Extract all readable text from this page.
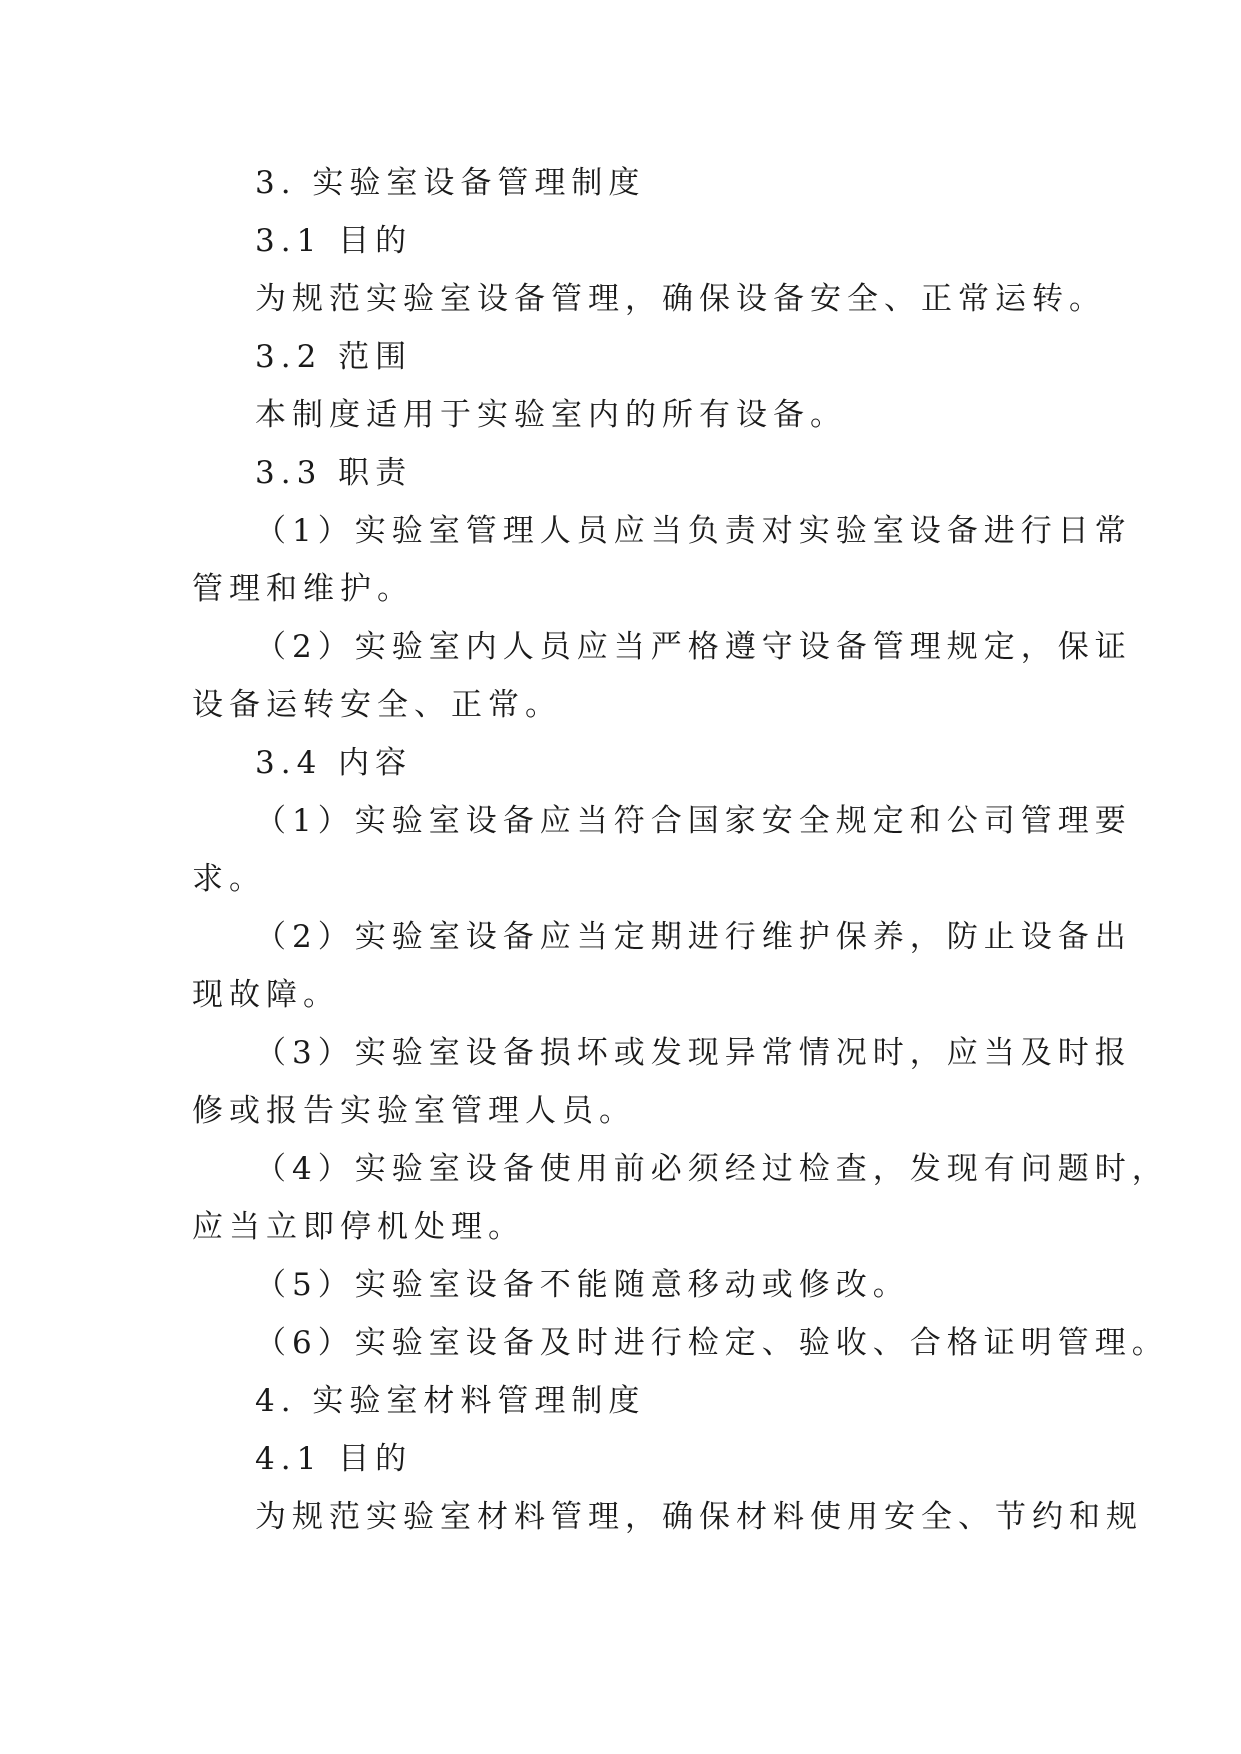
3. 实验室设备管理制度
3.1 目的
为规范实验室设备管理，确保设备安全、正常运转。
3.2 范围
本制度适用于实验室内的所有设备。
3.3 职责
（1）实验室管理人员应当负责对实验室设备进行日常
管理和维护。
（2）实验室内人员应当严格遵守设备管理规定，保证
设备运转安全、正常。
3.4 内容
（1）实验室设备应当符合国家安全规定和公司管理要
求。
（2）实验室设备应当定期进行维护保养，防止设备出
现故障。
（3）实验室设备损坏或发现异常情况时，应当及时报
修或报告实验室管理人员。
（4）实验室设备使用前必须经过检查，发现有问题时，
应当立即停机处理。
（5）实验室设备不能随意移动或修改。
（6）实验室设备及时进行检定、验收、合格证明管理。
4. 实验室材料管理制度
4.1 目的
为规范实验室材料管理，确保材料使用安全、节约和规
